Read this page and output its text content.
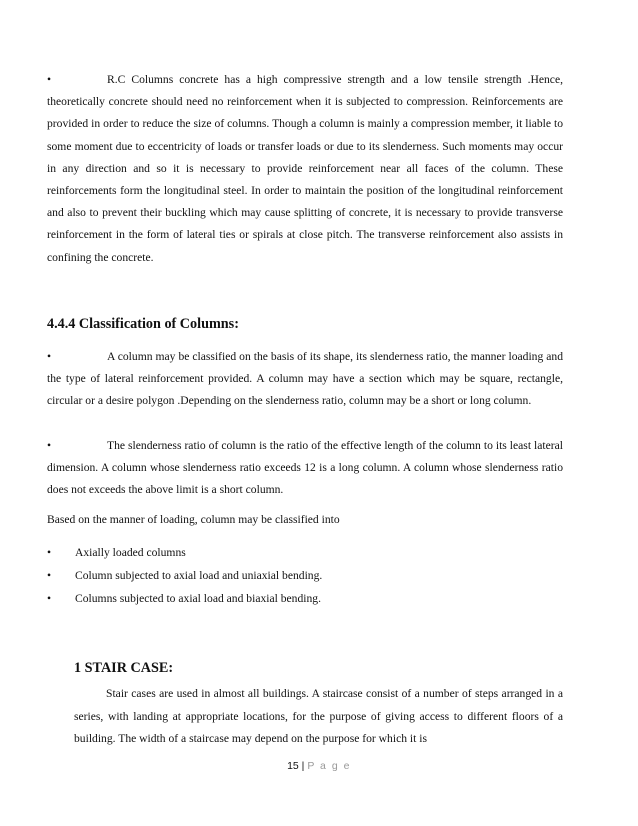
•	R.C Columns concrete has a high compressive strength and a low tensile strength .Hence, theoretically concrete should need no reinforcement when it is subjected to compression. Reinforcements are provided in order to reduce the size of columns. Though a column is mainly a compression member, it liable to some moment due to eccentricity of loads or transfer loads or due to its slenderness. Such moments may occur in any direction and so it is necessary to provide reinforcement near all faces of the column. These reinforcements form the longitudinal steel. In order to maintain the position of the longitudinal reinforcement and also to prevent their buckling which may cause splitting of concrete, it is necessary to provide transverse reinforcement in the form of lateral ties or spirals at close pitch. The transverse reinforcement also assists in confining the concrete.
4.4.4 Classification of Columns:
•	A column may be classified on the basis of its shape, its slenderness ratio, the manner loading and the type of lateral reinforcement provided. A column may have a section which may be square, rectangle, circular or a desire polygon .Depending on the slenderness ratio, column may be a short or long column.
•	The slenderness ratio of column is the ratio of the effective length of the column to its least lateral dimension. A column whose slenderness ratio exceeds 12 is a long column. A column whose slenderness ratio does not exceeds the above limit is a short column.
Based on the manner of loading, column may be classified into
• Axially loaded columns
• Column subjected to axial load and uniaxial bending.
• Columns subjected to axial load and biaxial bending.
1 STAIR CASE:
Stair cases are used in almost all buildings. A staircase consist of a number of steps arranged in a series, with landing at appropriate locations, for the purpose of giving access to different floors of a building. The width of a staircase may depend on the purpose for which it is
15 | P a g e
